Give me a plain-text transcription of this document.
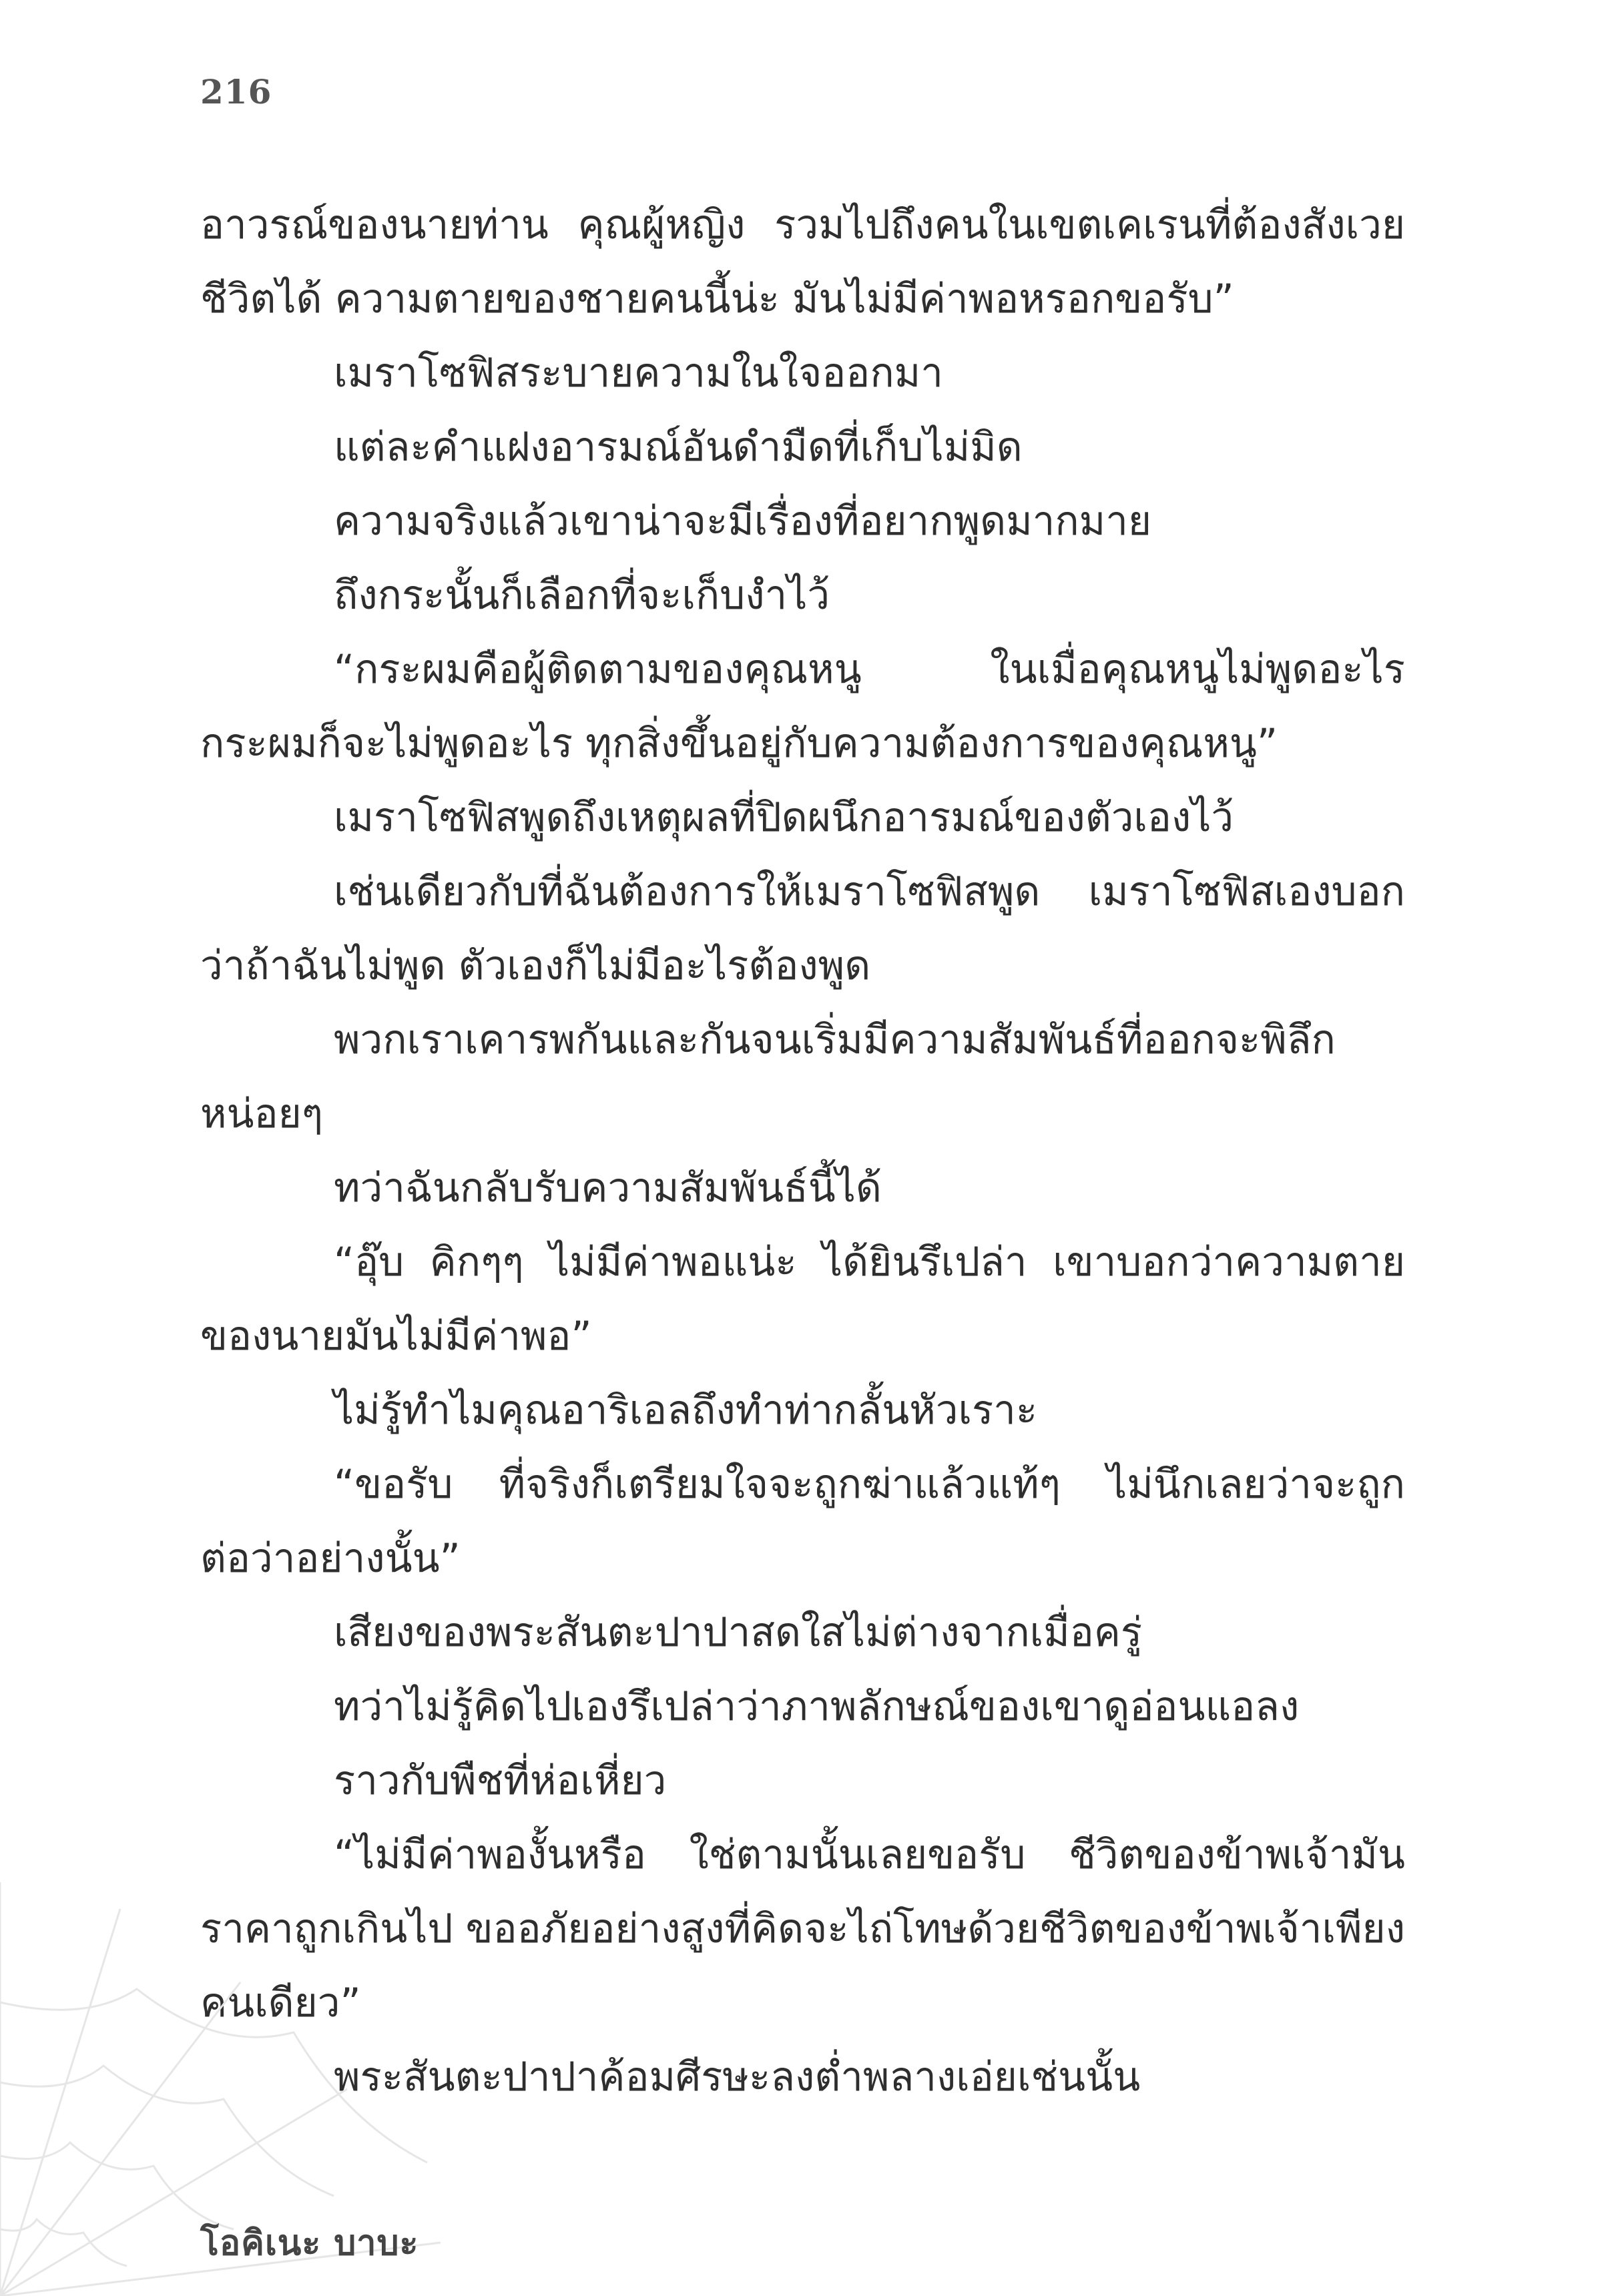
216

อาวรณ์ของนายท่าน คุณผู้หญิง รวมไปถึงคนในเขตเคเรนที่ต้องสังเวยชีวิตได้ ความตายของชายคนนี้น่ะ มันไม่มีค่าพอหรอกขอรับ”

เมราโซฟิสระบายความในใจออกมา

แต่ละคำแฝงอารมณ์อันดำมืดที่เก็บไม่มิด

ความจริงแล้วเขาน่าจะมีเรื่องที่อยากพูดมากมาย

ถึงกระนั้นก็เลือกที่จะเก็บงำไว้

“กระผมคือผู้ติดตามของคุณหนู ในเมื่อคุณหนูไม่พูดอะไร กระผมก็จะไม่พูดอะไร ทุกสิ่งขึ้นอยู่กับความต้องการของคุณหนู”

เมราโซฟิสพูดถึงเหตุผลที่ปิดผนึกอารมณ์ของตัวเองไว้

เช่นเดียวกับที่ฉันต้องการให้เมราโซฟิสพูด เมราโซฟิสเองบอกว่าถ้าฉันไม่พูด ตัวเองก็ไม่มีอะไรต้องพูด

พวกเราเคารพกันและกันจนเริ่มมีความสัมพันธ์ที่ออกจะพิลึกหน่อยๆ

ทว่าฉันกลับรับความสัมพันธ์นี้ได้

“อุ๊บ คิกๆๆ ไม่มีค่าพอแน่ะ ได้ยินรึเปล่า เขาบอกว่าความตายของนายมันไม่มีค่าพอ”

ไม่รู้ทำไมคุณอาริเอลถึงทำท่ากลั้นหัวเราะ

“ขอรับ ที่จริงก็เตรียมใจจะถูกฆ่าแล้วแท้ๆ ไม่นึกเลยว่าจะถูกต่อว่าอย่างนั้น”

เสียงของพระสันตะปาปาสดใสไม่ต่างจากเมื่อครู่

ทว่าไม่รู้คิดไปเองรึเปล่าว่าภาพลักษณ์ของเขาดูอ่อนแอลง

ราวกับพืชที่ห่อเหี่ยว

“ไม่มีค่าพองั้นหรือ ใช่ตามนั้นเลยขอรับ ชีวิตของข้าพเจ้ามันราคาถูกเกินไป ขออภัยอย่างสูงที่คิดจะไถ่โทษด้วยชีวิตของข้าพเจ้าเพียงคนเดียว”

พระสันตะปาปาค้อมศีรษะลงต่ำพลางเอ่ยเช่นนั้น

โอคิเนะ บาบะ
